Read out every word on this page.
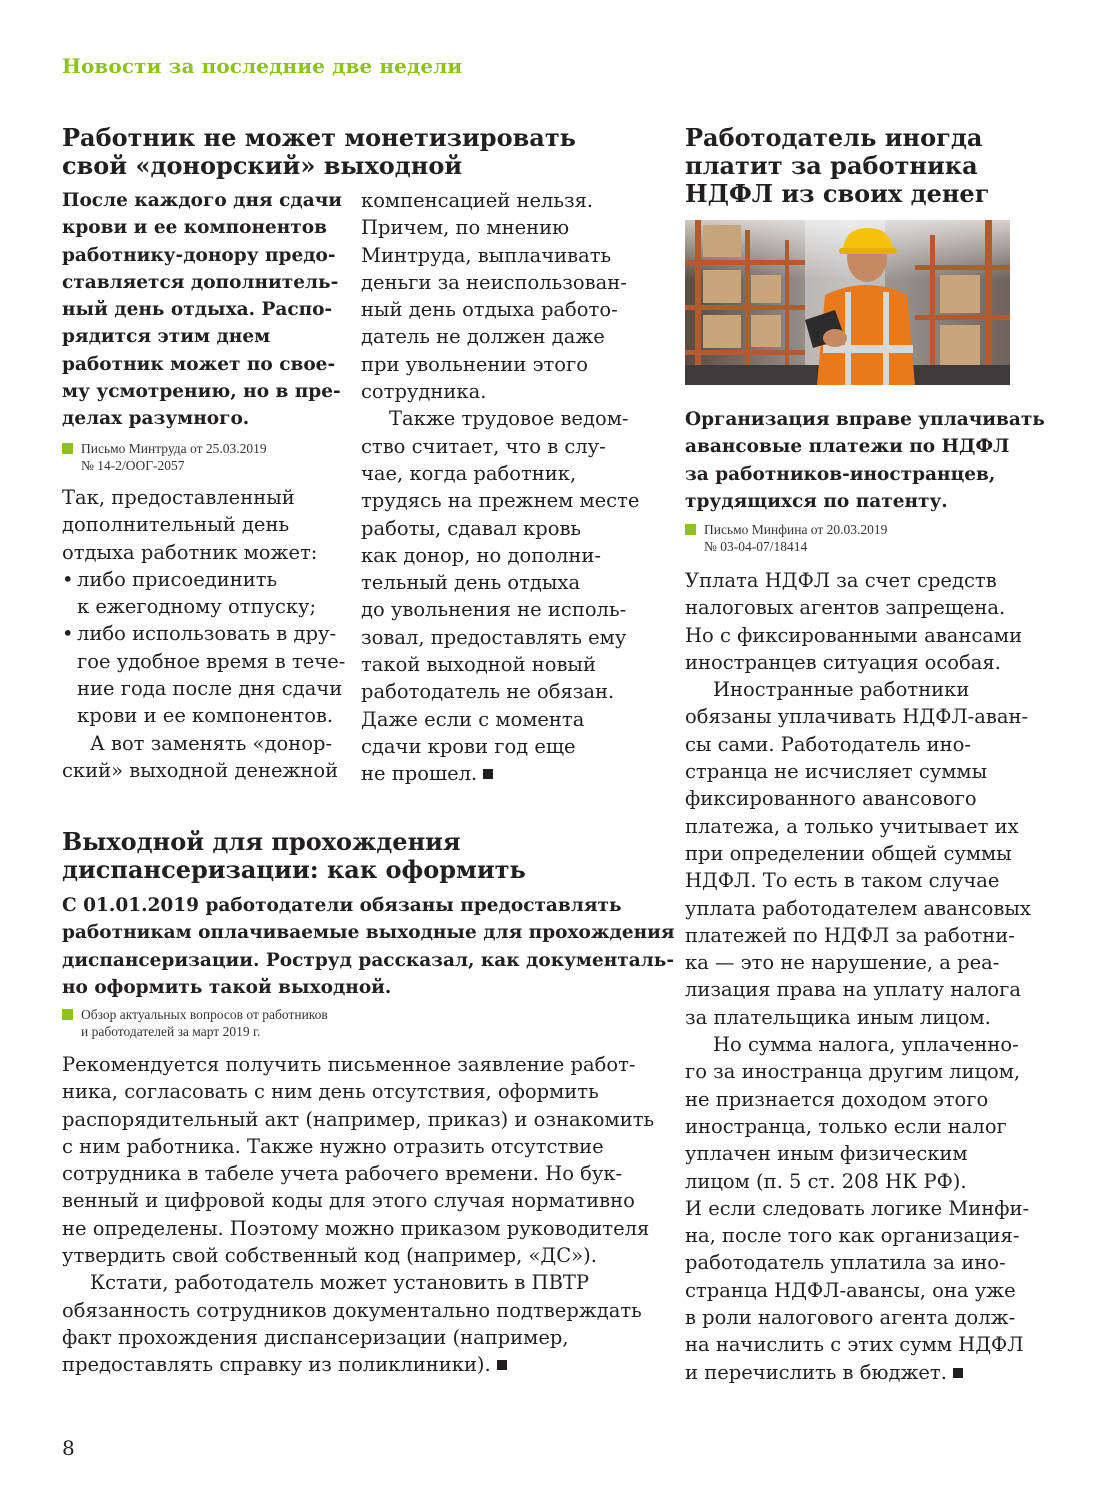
Новости за последние две недели
Работник не может монетизировать
свой «донорский» выходной
После каждого дня сдачи
крови и ее компонентов
работнику-донору предо-
ставляется дополнитель-
ный день отдыха. Распо-
рядится этим днем
работник может по свое-
му усмотрению, но в пре-
делах разумного.
Письмо Минтруда от 25.03.2019
№ 14-2/ООГ-2057
Так, предоставленный
дополнительный день
отдыха работник может:
• либо присоединить
к ежегодному отпуску;
• либо использовать в дру-
гое удобное время в тече-
ние года после дня сдачи
крови и ее компонентов.
А вот заменять «донор-
ский» выходной денежной
компенсацией нельзя.
Причем, по мнению
Минтруда, выплачивать
деньги за неиспользован-
ный день отдыха работо-
датель не должен даже
при увольнении этого
сотрудника.
Также трудовое ведом-
ство считает, что в слу-
чае, когда работник,
трудясь на прежнем месте
работы, сдавал кровь
как донор, но дополни-
тельный день отдыха
до увольнения не исполь-
зовал, предоставлять ему
такой выходной новый
работодатель не обязан.
Даже если с момента
сдачи крови год еще
не прошел.
Выходной для прохождения
диспансеризации: как оформить
С 01.01.2019 работодатели обязаны предоставлять
работникам оплачиваемые выходные для прохождения
диспансеризации. Роструд рассказал, как документаль-
но оформить такой выходной.
Обзор актуальных вопросов от работников
и работодателей за март 2019 г.
Рекомендуется получить письменное заявление работ-
ника, согласовать с ним день отсутствия, оформить
распорядительный акт (например, приказ) и ознакомить
с ним работника. Также нужно отразить отсутствие
сотрудника в табеле учета рабочего времени. Но бук-
венный и цифровой коды для этого случая нормативно
не определены. Поэтому можно приказом руководителя
утвердить свой собственный код (например, «ДС»).
Кстати, работодатель может установить в ПВТР
обязанность сотрудников документально подтверждать
факт прохождения диспансеризации (например,
предоставлять справку из поликлиники).
Работодатель иногда
платит за работника
НДФЛ из своих денег
Организация вправе уплачивать
авансовые платежи по НДФЛ
за работников-иностранцев,
трудящихся по патенту.
Письмо Минфина от 20.03.2019
№ 03-04-07/18414
Уплата НДФЛ за счет средств
налоговых агентов запрещена.
Но с фиксированными авансами
иностранцев ситуация особая.
Иностранные работники
обязаны уплачивать НДФЛ-аван-
сы сами. Работодатель ино-
странца не исчисляет суммы
фиксированного авансового
платежа, а только учитывает их
при определении общей суммы
НДФЛ. То есть в таком случае
уплата работодателем авансовых
платежей по НДФЛ за работни-
ка — это не нарушение, а реа-
лизация права на уплату налога
за плательщика иным лицом.
Но сумма налога, уплаченно-
го за иностранца другим лицом,
не признается доходом этого
иностранца, только если налог
уплачен иным физическим
лицом (п. 5 ст. 208 НК РФ).
И если следовать логике Минфи-
на, после того как организация-
работодатель уплатила за ино-
странца НДФЛ-авансы, она уже
в роли налогового агента долж-
на начислить с этих сумм НДФЛ
и перечислить в бюджет.
8
